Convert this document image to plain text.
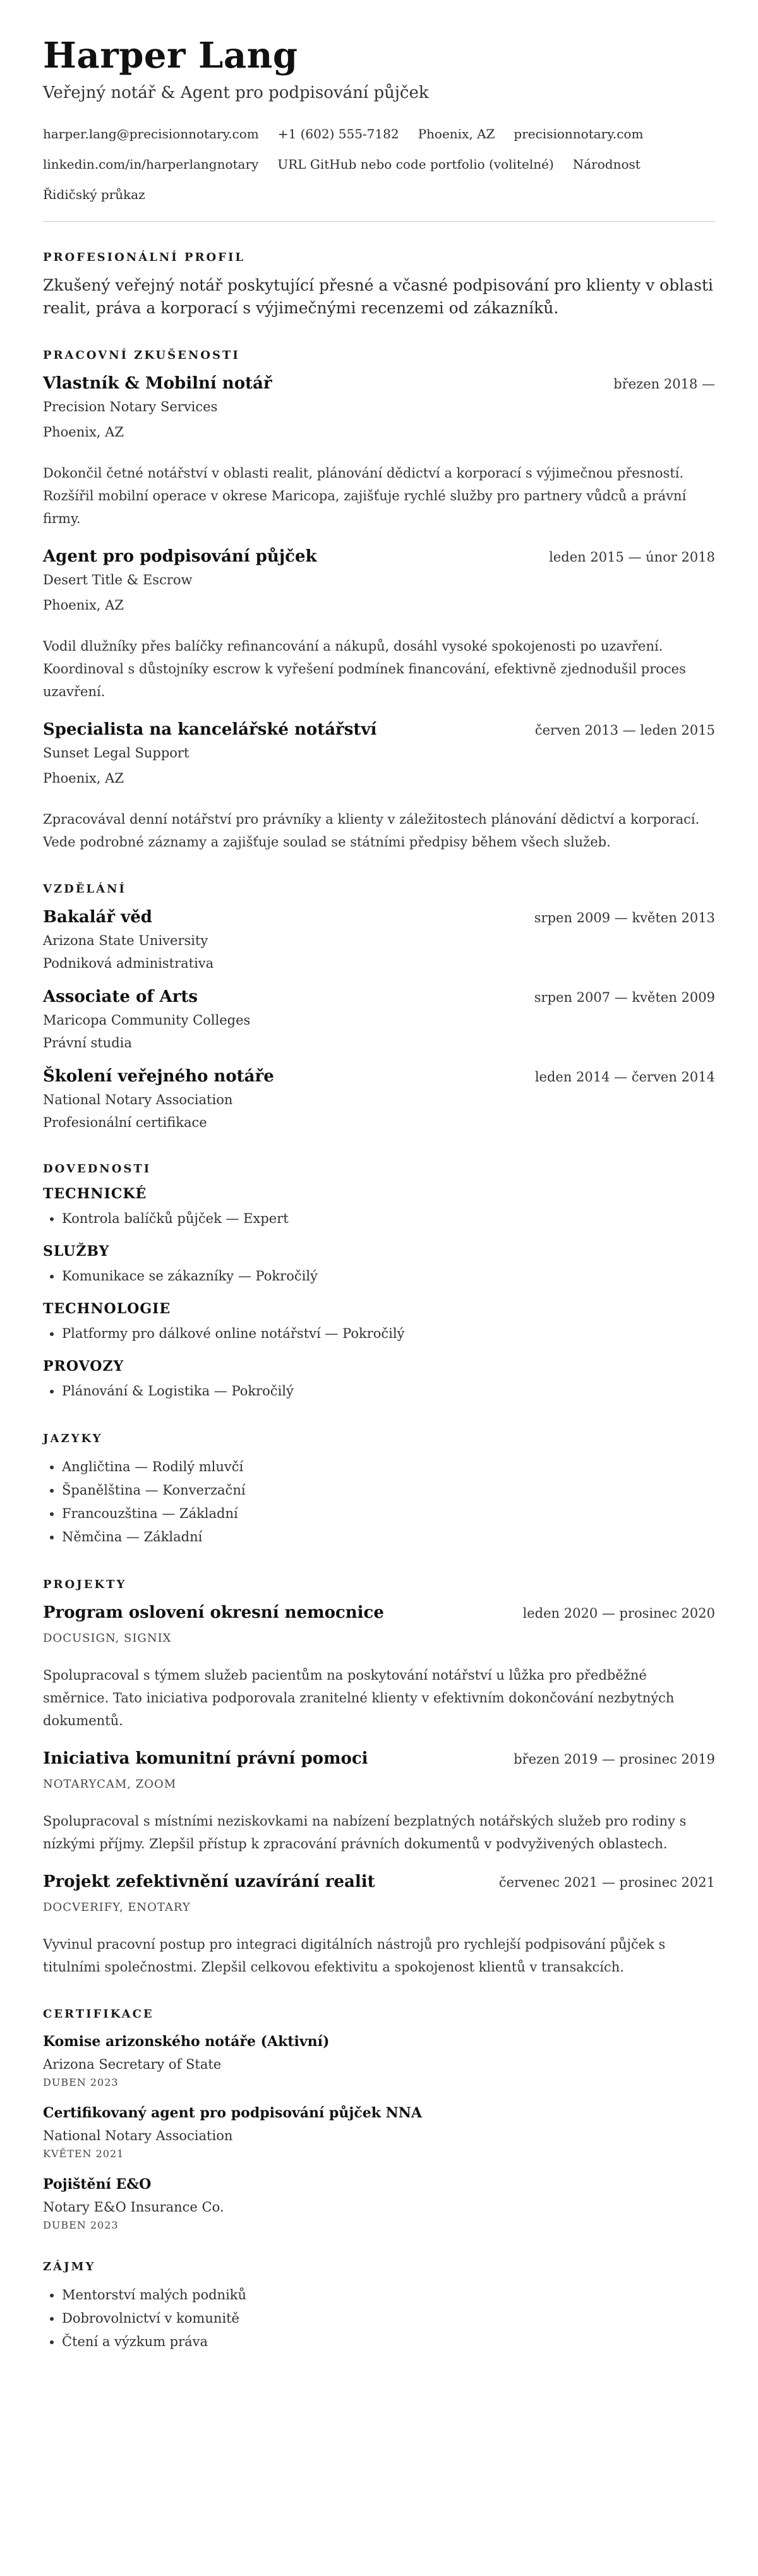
Harper Lang
Veřejný notář & Agent pro podpisování půjček
harper.lang@precisionnotary.com +1 (602) 555-7182 Phoenix, AZ precisionnotary.com
linkedin.com/in/harperlangnotary URL GitHub nebo code portfolio (volitelné) Národnost
Řidičský průkaz
PROFESIONÁLNÍ PROFIL
Zkušený veřejný notář poskytující přesné a včasné podpisování pro klienty v oblasti realit, práva a korporací s výjimečnými recenzemi od zákazníků.
PRACOVNÍ ZKUŠENOSTI
Vlastník & Mobilní notář	březen 2018 —
Precision Notary Services
Phoenix, AZ
Dokončil četné notářství v oblasti realit, plánování dědictví a korporací s výjimečnou přesností. Rozšířil mobilní operace v okrese Maricopa, zajišťuje rychlé služby pro partnery vůdců a právní firmy.
Agent pro podpisování půjček	leden 2015 — únor 2018
Desert Title & Escrow
Phoenix, AZ
Vodil dlužníky přes balíčky refinancování a nákupů, dosáhl vysoké spokojenosti po uzavření. Koordinoval s důstojníky escrow k vyřešení podmínek financování, efektivně zjednodušil proces uzavření.
Specialista na kancelářské notářství	červen 2013 — leden 2015
Sunset Legal Support
Phoenix, AZ
Zpracovával denní notářství pro právníky a klienty v záležitostech plánování dědictví a korporací. Vede podrobné záznamy a zajišťuje soulad se státními předpisy během všech služeb.
VZDĚLÁNÍ
Bakalář věd	srpen 2009 — květen 2013
Arizona State University
Podniková administrativa
Associate of Arts	srpen 2007 — květen 2009
Maricopa Community Colleges
Právní studia
Školení veřejného notáře	leden 2014 — červen 2014
National Notary Association
Profesionální certifikace
DOVEDNOSTI
TECHNICKÉ
• Kontrola balíčků půjček — Expert
SLUŽBY
• Komunikace se zákazníky — Pokročilý
TECHNOLOGIE
• Platformy pro dálkové online notářství — Pokročilý
PROVOZY
• Plánování & Logistika — Pokročilý
JAZYKY
• Angličtina — Rodilý mluvčí
• Španělština — Konverzační
• Francouzština — Základní
• Němčina — Základní
PROJEKTY
Program oslovení okresní nemocnice	leden 2020 — prosinec 2020
DOCUSIGN, SIGNIX
Spolupracoval s týmem služeb pacientům na poskytování notářství u lůžka pro předběžné směrnice. Tato iniciativa podporovala zranitelné klienty v efektivním dokončování nezbytných dokumentů.
Iniciativa komunitní právní pomoci	březen 2019 — prosinec 2019
NOTARYCAM, ZOOM
Spolupracoval s místními neziskovkami na nabízení bezplatných notářských služeb pro rodiny s nízkými příjmy. Zlepšil přístup k zpracování právních dokumentů v podvyživených oblastech.
Projekt zefektivnění uzavírání realit	červenec 2021 — prosinec 2021
DOCVERIFY, ENOTARY
Vyvinul pracovní postup pro integraci digitálních nástrojů pro rychlejší podpisování půjček s titulními společnostmi. Zlepšil celkovou efektivitu a spokojenost klientů v transakcích.
CERTIFIKACE
Komise arizonského notáře (Aktivní)
Arizona Secretary of State
DUBEN 2023
Certifikovaný agent pro podpisování půjček NNA
National Notary Association
KVĚTEN 2021
Pojištění E&O
Notary E&O Insurance Co.
DUBEN 2023
ZÁJMY
• Mentorství malých podniků
• Dobrovolnictví v komunitě
• Čtení a výzkum práva
